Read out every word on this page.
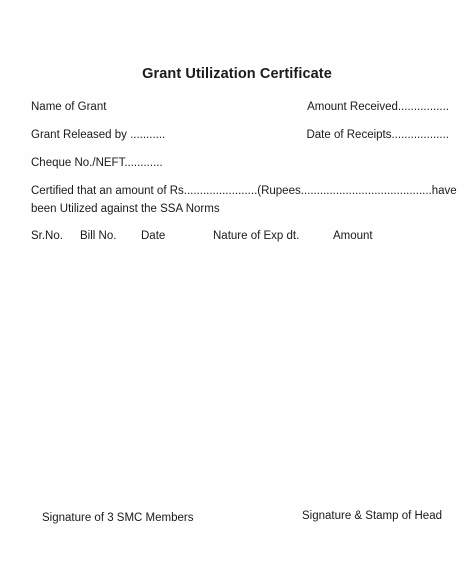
Grant Utilization Certificate
Name of Grant	Amount Received................
Grant Released by ...........	Date of Receipts..................
Cheque No./NEFT............
Certified that an amount of Rs.......................(Rupees......................................... have
been Utilized against the SSA Norms
Sr.No. Bill No. Date	Nature of Exp dt.	Amount
Signature of 3 SMC Members	Signature & Stamp of Head
